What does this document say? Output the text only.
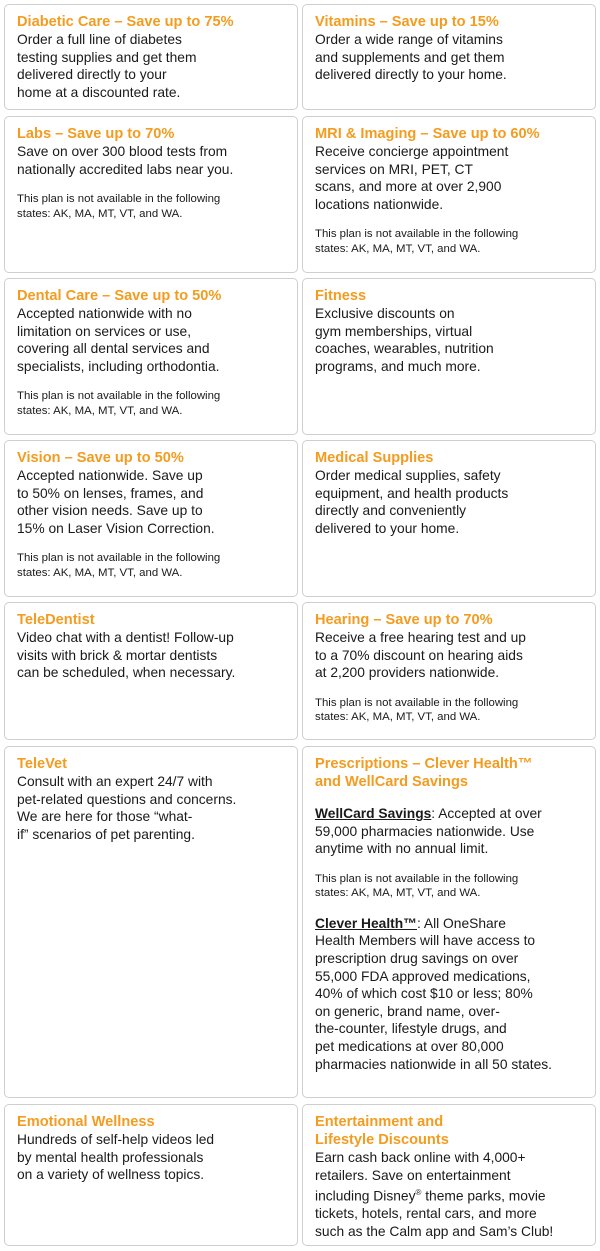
Diabetic Care – Save up to 75%

Order a full line of diabetes
testing supplies and get them
delivered directly to your
home at a discounted rate.

Vitamins – Save up to 15%

Order a wide range of vitamins
and supplements and get them
delivered directly to your home.

Labs – Save up to 70%

Save on over 300 blood tests from
nationally accredited labs near you.

This plan is not available in the following
states: AK, MA, MT, VT, and WA.

MRI & Imaging – Save up to 60%

Receive concierge appointment
services on MRI, PET, CT
scans, and more at over 2,900
locations nationwide.

This plan is not available in the following
states: AK, MA, MT, VT, and WA.

Dental Care – Save up to 50%

Accepted nationwide with no
limitation on services or use,
covering all dental services and
specialists, including orthodontia.

This plan is not available in the following
states: AK, MA, MT, VT, and WA.

Fitness

Exclusive discounts on
gym memberships, virtual
coaches, wearables, nutrition
programs, and much more.

Vision – Save up to 50%

Accepted nationwide. Save up
to 50% on lenses, frames, and
other vision needs. Save up to
15% on Laser Vision Correction.

This plan is not available in the following
states: AK, MA, MT, VT, and WA.

Medical Supplies

Order medical supplies, safety
equipment, and health products
directly and conveniently
delivered to your home.

TeleDentist

Video chat with a dentist! Follow-up
visits with brick & mortar dentists
can be scheduled, when necessary.

Hearing – Save up to 70%

Receive a free hearing test and up
to a 70% discount on hearing aids
at 2,200 providers nationwide.

This plan is not available in the following
states: AK, MA, MT, VT, and WA.

TeleVet

Consult with an expert 24/7 with
pet-related questions and concerns.
We are here for those “what-
if” scenarios of pet parenting.

Prescriptions – Clever Health™
and WellCard Savings

WellCard Savings: Accepted at over
59,000 pharmacies nationwide. Use
anytime with no annual limit.

This plan is not available in the following
states: AK, MA, MT, VT, and WA.

Clever Health™: All OneShare
Health Members will have access to
prescription drug savings on over
55,000 FDA approved medications,
40% of which cost $10 or less; 80%
on generic, brand name, over-
the-counter, lifestyle drugs, and
pet medications at over 80,000
pharmacies nationwide in all 50 states.

Emotional Wellness

Hundreds of self-help videos led
by mental health professionals
on a variety of wellness topics.

Entertainment and
Lifestyle Discounts

Earn cash back online with 4,000+
retailers. Save on entertainment
including Disney® theme parks, movie
tickets, hotels, rental cars, and more
such as the Calm app and Sam’s Club!
